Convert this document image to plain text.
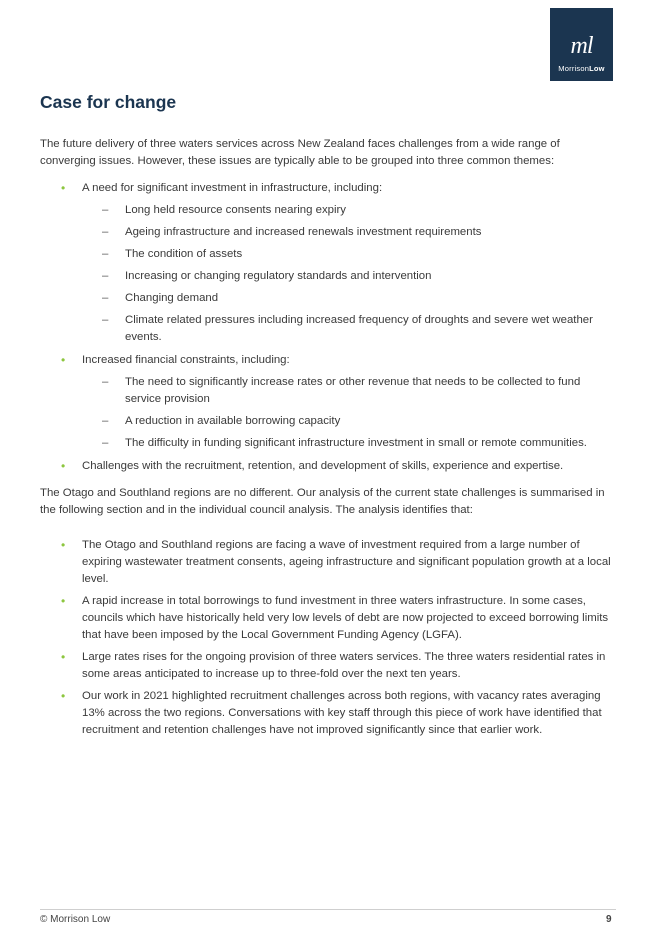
ml
MorrisonLow
Case for change

The future delivery of three waters services across New Zealand faces challenges from a wide range of converging issues. However, these issues are typically able to be grouped into three common themes:

• A need for significant investment in infrastructure, including:
– Long held resource consents nearing expiry
– Ageing infrastructure and increased renewals investment requirements
– The condition of assets
– Increasing or changing regulatory standards and intervention
– Changing demand
– Climate related pressures including increased frequency of droughts and severe wet weather events.
• Increased financial constraints, including:
– The need to significantly increase rates or other revenue that needs to be collected to fund service provision
– A reduction in available borrowing capacity
– The difficulty in funding significant infrastructure investment in small or remote communities.
• Challenges with the recruitment, retention, and development of skills, experience and expertise.

The Otago and Southland regions are no different. Our analysis of the current state challenges is summarised in the following section and in the individual council analysis. The analysis identifies that:

• The Otago and Southland regions are facing a wave of investment required from a large number of expiring wastewater treatment consents, ageing infrastructure and significant population growth at a local level.
• A rapid increase in total borrowings to fund investment in three waters infrastructure. In some cases, councils which have historically held very low levels of debt are now projected to exceed borrowing limits that have been imposed by the Local Government Funding Agency (LGFA).
• Large rates rises for the ongoing provision of three waters services. The three waters residential rates in some areas anticipated to increase up to three-fold over the next ten years.
• Our work in 2021 highlighted recruitment challenges across both regions, with vacancy rates averaging 13% across the two regions. Conversations with key staff through this piece of work have identified that recruitment and retention challenges have not improved significantly since that earlier work.
© Morrison Low	9
